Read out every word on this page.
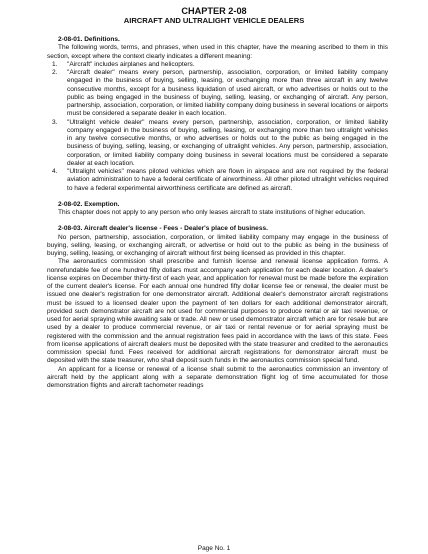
CHAPTER 2-08
AIRCRAFT AND ULTRALIGHT VEHICLE DEALERS

2-08-01. Definitions.

The following words, terms, and phrases, when used in this chapter, have the meaning ascribed to them in this section, except where the context clearly indicates a different meaning:

1.	"Aircraft" includes airplanes and helicopters.
2.	"Aircraft dealer" means every person, partnership, association, corporation, or limited liability company engaged in the business of buying, selling, leasing, or exchanging more than three aircraft in any twelve consecutive months, except for a business liquidation of used aircraft, or who advertises or holds out to the public as being engaged in the business of buying, selling, leasing, or exchanging of aircraft. Any person, partnership, association, corporation, or limited liability company doing business in several locations or airports must be considered a separate dealer in each location.
3.	"Ultralight vehicle dealer" means every person, partnership, association, corporation, or limited liability company engaged in the business of buying, selling, leasing, or exchanging more than two ultralight vehicles in any twelve consecutive months, or who advertises or holds out to the public as being engaged in the business of buying, selling, leasing, or exchanging of ultralight vehicles. Any person, partnership, association, corporation, or limited liability company doing business in several locations must be considered a separate dealer at each location.
4.	"Ultralight vehicles" means piloted vehicles which are flown in airspace and are not required by the federal aviation administration to have a federal certificate of airworthiness. All other piloted ultralight vehicles required to have a federal experimental airworthiness certificate are defined as aircraft.

2-08-02. Exemption.

This chapter does not apply to any person who only leases aircraft to state institutions of higher education.

2-08-03. Aircraft dealer's license - Fees - Dealer's place of business.

No person, partnership, association, corporation, or limited liability company may engage in the business of buying, selling, leasing, or exchanging aircraft, or advertise or hold out to the public as being in the business of buying, selling, leasing, or exchanging of aircraft without first being licensed as provided in this chapter.

The aeronautics commission shall prescribe and furnish license and renewal license application forms. A nonrefundable fee of one hundred fifty dollars must accompany each application for each dealer location. A dealer's license expires on December thirty-first of each year, and application for renewal must be made before the expiration of the current dealer's license. For each annual one hundred fifty dollar license fee or renewal, the dealer must be issued one dealer's registration for one demonstrator aircraft. Additional dealer's demonstrator aircraft registrations must be issued to a licensed dealer upon the payment of ten dollars for each additional demonstrator aircraft, provided such demonstrator aircraft are not used for commercial purposes to produce rental or air taxi revenue, or used for aerial spraying while awaiting sale or trade. All new or used demonstrator aircraft which are for resale but are used by a dealer to produce commercial revenue, or air taxi or rental revenue or for aerial spraying must be registered with the commission and the annual registration fees paid in accordance with the laws of this state. Fees from license applications of aircraft dealers must be deposited with the state treasurer and credited to the aeronautics commission special fund. Fees received for additional aircraft registrations for demonstrator aircraft must be deposited with the state treasurer, who shall deposit such funds in the aeronautics commission special fund.

An applicant for a license or renewal of a license shall submit to the aeronautics commission an inventory of aircraft held by the applicant along with a separate demonstration flight log of time accumulated for those demonstration flights and aircraft tachometer readings

Page No. 1
